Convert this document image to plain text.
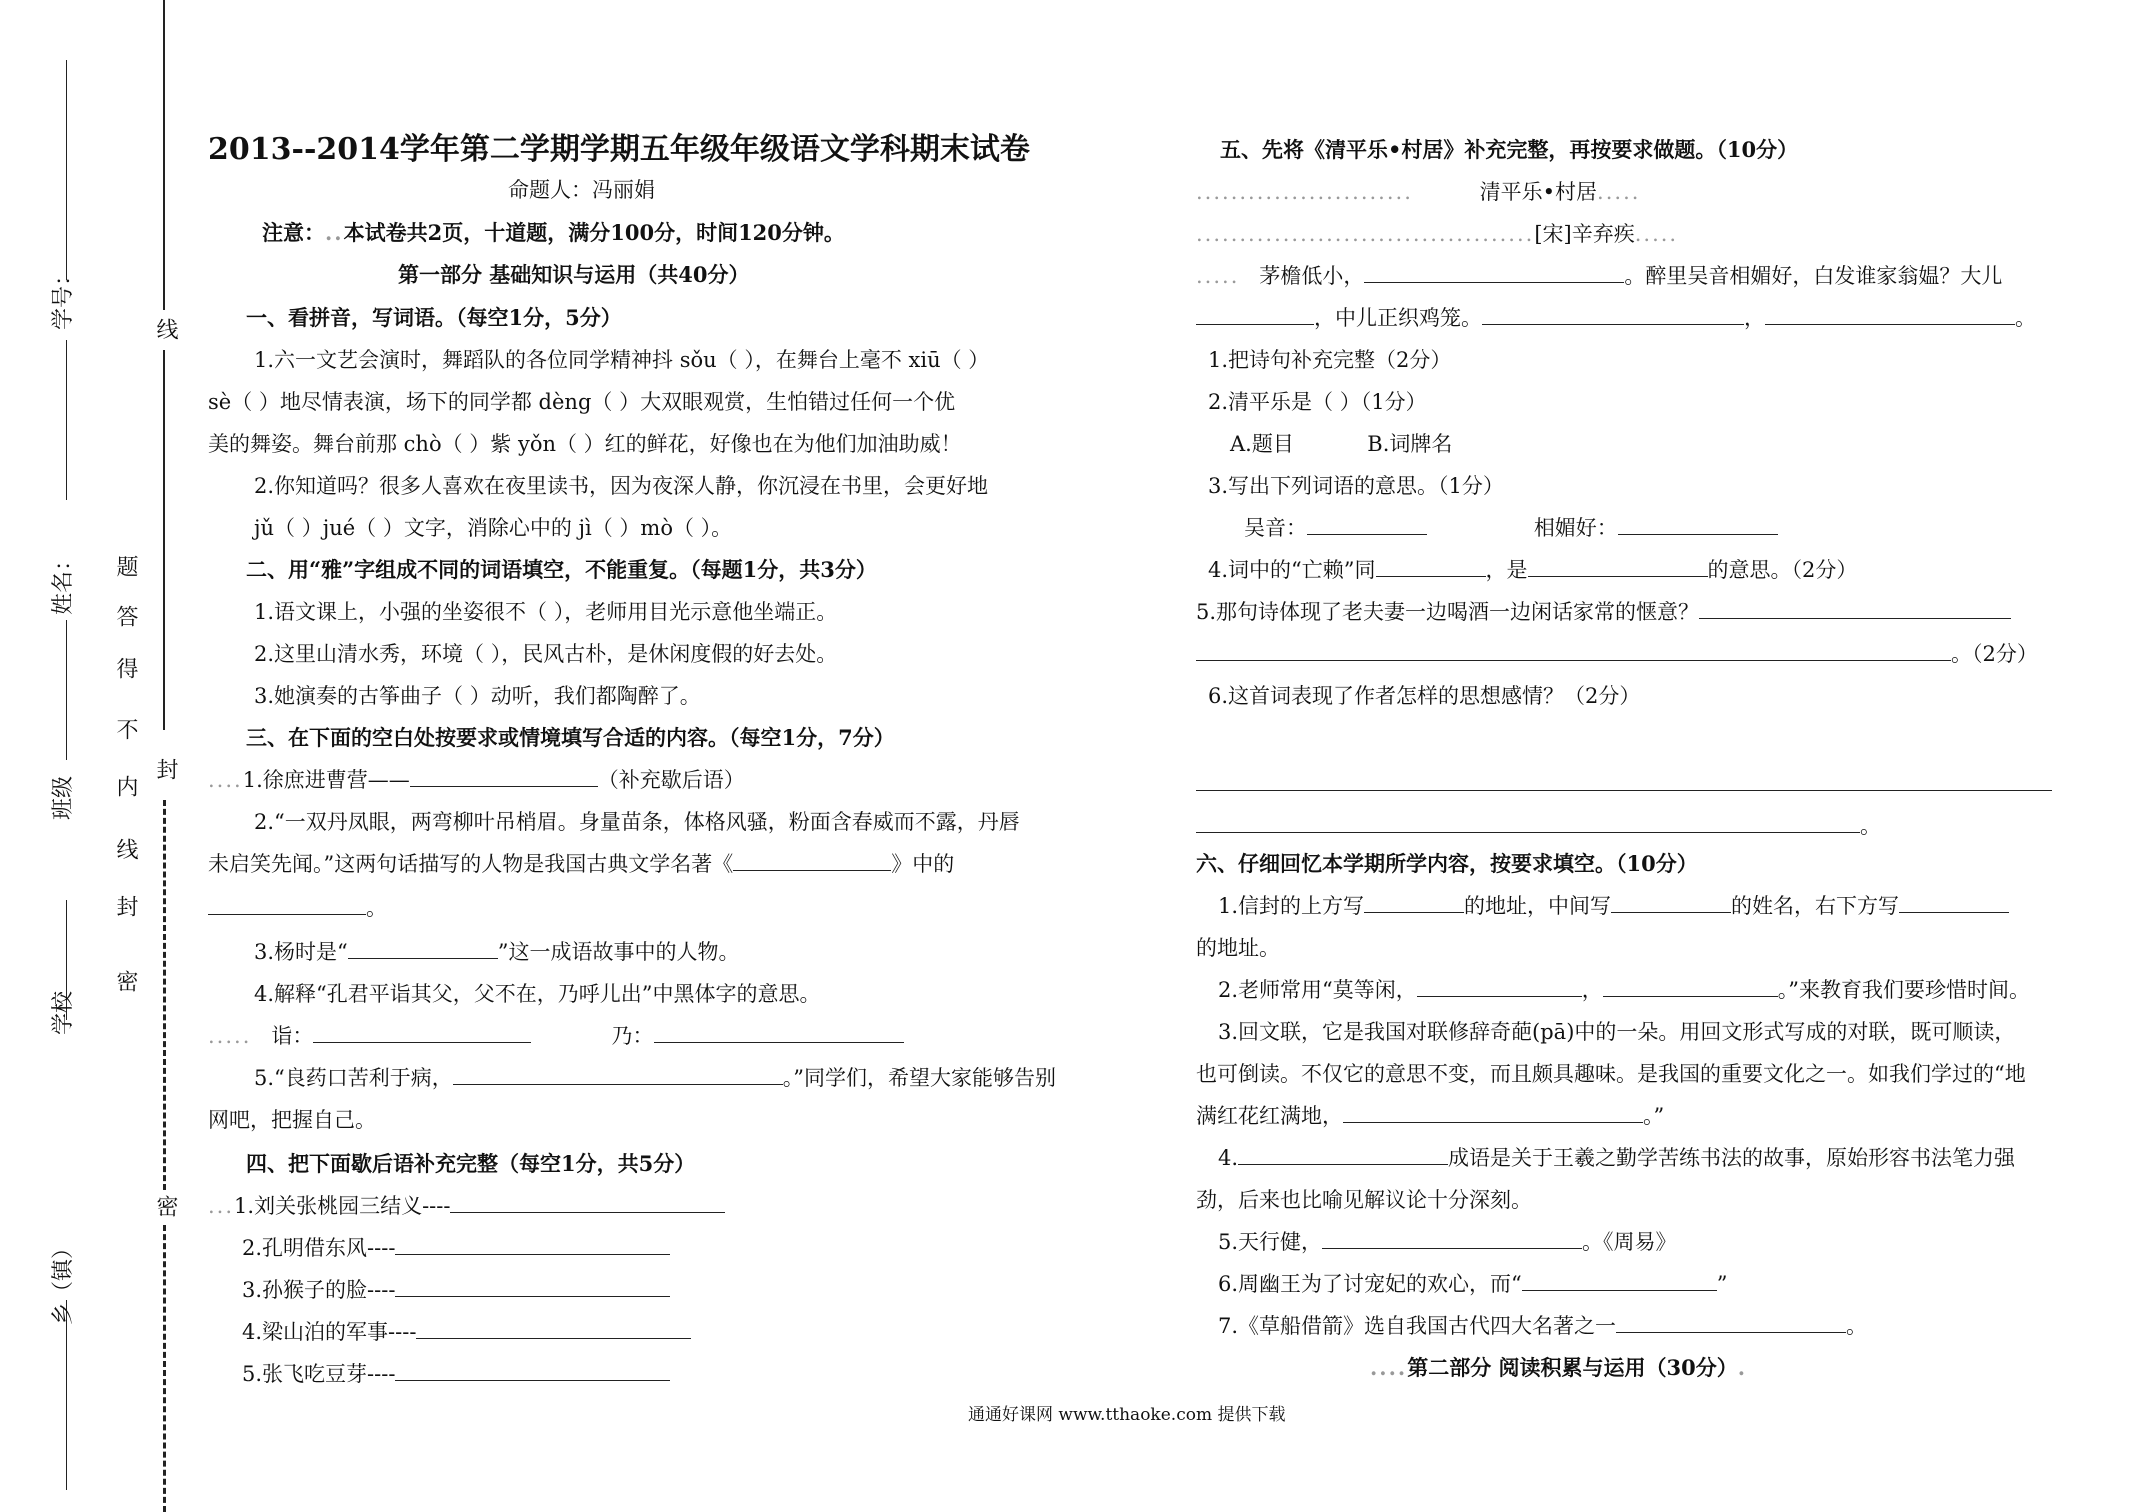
学号：
姓名：
班级
学校
乡（镇）
线
封
密
题
答
得
不
内
线
封
密
2013--2014学年第二学期学期五年级年级语文学科期末试卷
命题人：冯丽娟
注意：..本试卷共2页，十道题，满分100分，时间120分钟。
第一部分 基础知识与运用（共40分）
一、看拼音，写词语。（每空1分，5分）
1.六一文艺会演时，舞蹈队的各位同学精神抖 sǒu（ ），在舞台上毫不 xiū（ ）
sè（ ）地尽情表演，场下的同学都 dèng（ ）大双眼观赏，生怕错过任何一个优
美的舞姿。舞台前那 chò（ ）紫 yǒn（ ）红的鲜花，好像也在为他们加油助威！
2.你知道吗？很多人喜欢在夜里读书，因为夜深人静，你沉浸在书里，会更好地
jǔ（ ）jué（ ）文字，消除心中的 jì（ ）mò（ ）。
二、用“雅”字组成不同的词语填空，不能重复。（每题1分，共3分）
1.语文课上，小强的坐姿很不（ ），老师用目光示意他坐端正。
2.这里山清水秀，环境（ ），民风古朴，是休闲度假的好去处。
3.她演奏的古筝曲子（ ）动听，我们都陶醉了。
三、在下面的空白处按要求或情境填写合适的内容。（每空1分，7分）
....1.徐庶进曹营——	（补充歇后语）
2.“一双丹凤眼，两弯柳叶吊梢眉。身量苗条，体格风骚，粉面含春威而不露，丹唇
未启笑先闻。”这两句话描写的人物是我国古典文学名著《	》中的
。
3.杨时是“	”这一成语故事中的人物。
4.解释“孔君平诣其父，父不在，乃呼儿出”中黑体字的意思。
..... 诣：	乃：
5.“良药口苦利于病，	。”同学们，希望大家能够告别
网吧，把握自己。
四、把下面歇后语补充完整（每空1分，共5分）
...1.刘关张桃园三结义----
2.孔明借东风----
3.孙猴子的脸----
4.梁山泊的军事----
5.张飞吃豆芽----
五、先将《清平乐•村居》补充完整，再按要求做题。（10分）
.........................	清平乐•村居.....
.......................................[宋]辛弃疾.....
..... 茅檐低小，	。醉里吴音相媚好，白发谁家翁媪？大儿
，中儿正织鸡笼。	，	。
1.把诗句补充完整（2分）
2.清平乐是（ ）（1分）
A.题目	B.词牌名
3.写出下列词语的意思。（1分）
吴音：	相媚好：
4.词中的“亡赖”同	，是	的意思。（2分）
5.那句诗体现了老夫妻一边喝酒一边闲话家常的惬意？
。（2分）
6.这首词表现了作者怎样的思想感情？（2分）
。
六、仔细回忆本学期所学内容，按要求填空。（10分）
1.信封的上方写	的地址，中间写	的姓名，右下方写
的地址。
2.老师常用“莫等闲，	，	。”来教育我们要珍惜时间。
3.回文联，它是我国对联修辞奇葩(pā)中的一朵。用回文形式写成的对联，既可顺读，
也可倒读。不仅它的意思不变，而且颇具趣味。是我国的重要文化之一。如我们学过的“地
满红花红满地，	。”
4.	成语是关于王羲之勤学苦练书法的故事，原始形容书法笔力强
劲，后来也比喻见解议论十分深刻。
5.天行健，	。《周易》
6.周幽王为了讨宠妃的欢心，而“	”
7.《草船借箭》选自我国古代四大名著之一	。
....第二部分 阅读积累与运用（30分）.
通通好课网 www.tthaoke.com 提供下载
